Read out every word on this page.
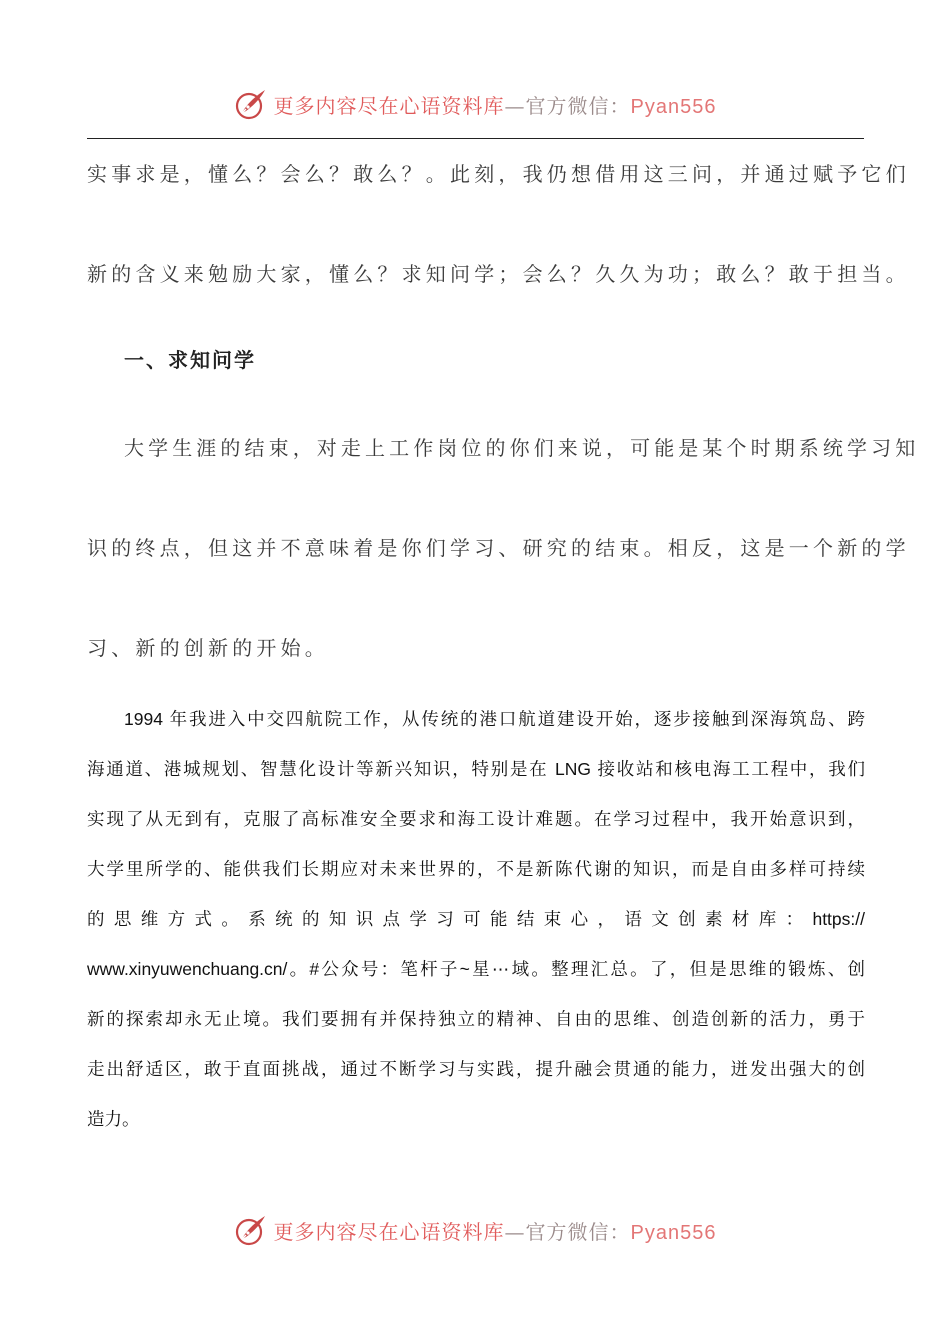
更多内容尽在心语资料库—官方微信：Pyan556
实事求是，懂么？会么？敢么？。此刻，我仍想借用这三问，并通过赋予它们
新的含义来勉励大家，懂么？求知问学；会么？久久为功；敢么？敢于担当。
一、求知问学
大学生涯的结束，对走上工作岗位的你们来说，可能是某个时期系统学习知
识的终点，但这并不意味着是你们学习、研究的结束。相反，这是一个新的学
习、新的创新的开始。
1994 年我进入中交四航院工作，从传统的港口航道建设开始，逐步接触到深海筑岛、跨
海通道、港城规划、智慧化设计等新兴知识，特别是在 LNG 接收站和核电海工工程中，我们
实现了从无到有，克服了高标准安全要求和海工设计难题。在学习过程中，我开始意识到，
大学里所学的、能供我们长期应对未来世界的，不是新陈代谢的知识，而是自由多样可持续
的思维方式。系统的知识点学习可能结束心，语文创素材库：https://
www.xinyuwenchuang.cn/。#公众号：笔杆子~星⋯域。整理汇总。了，但是思维的锻炼、创
新的探索却永无止境。我们要拥有并保持独立的精神、自由的思维、创造创新的活力，勇于
走出舒适区，敢于直面挑战，通过不断学习与实践，提升融会贯通的能力，迸发出强大的创
造力。
更多内容尽在心语资料库—官方微信：Pyan556
